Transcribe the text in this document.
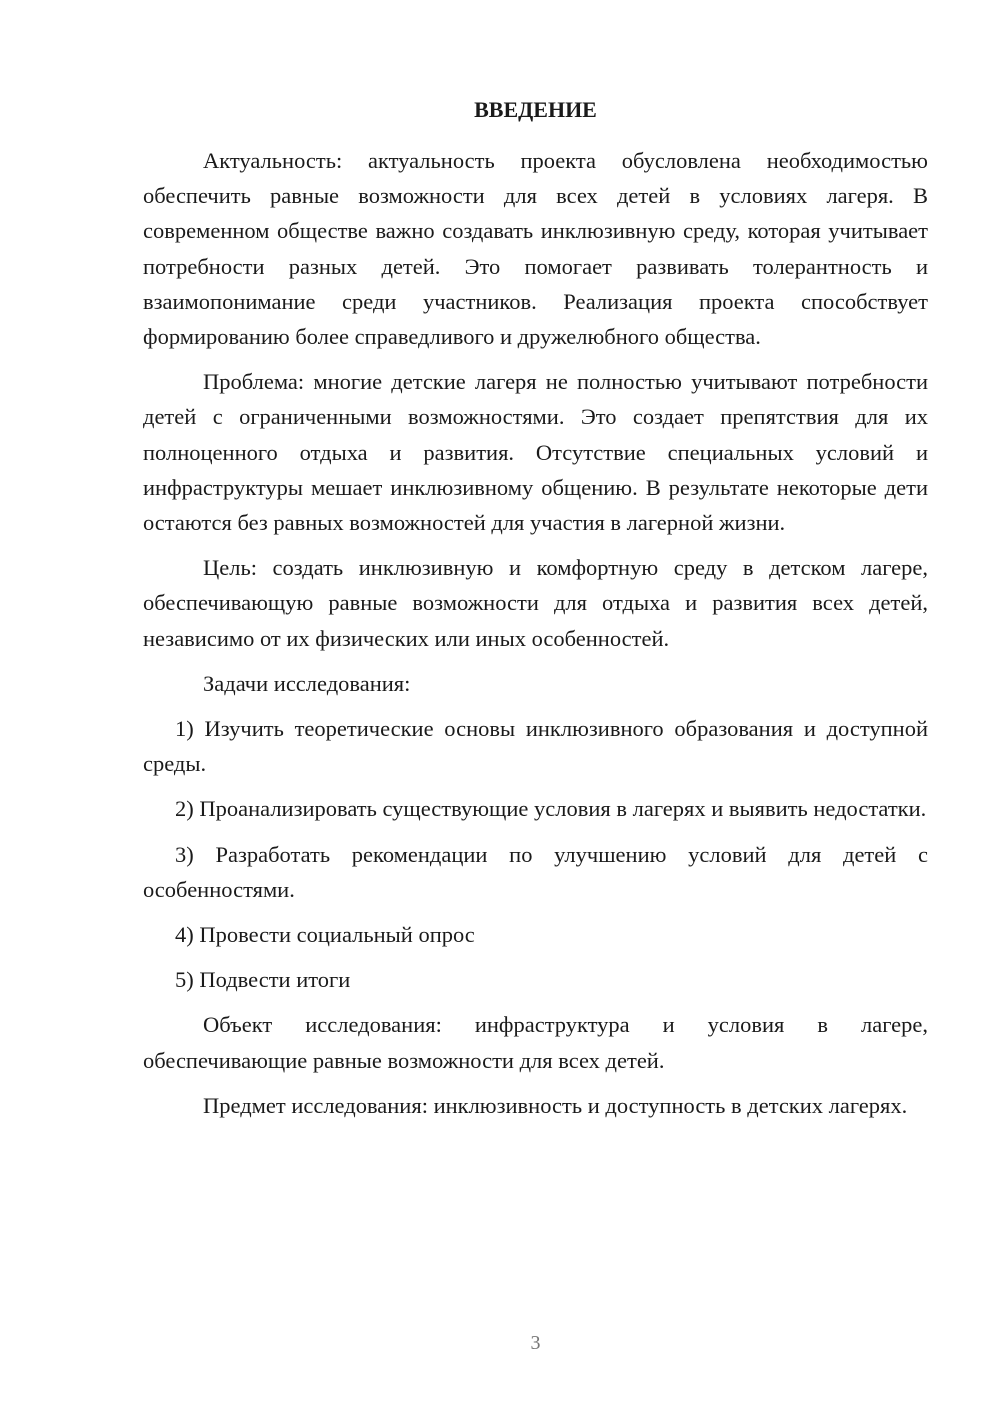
ВВЕДЕНИЕ

Актуальность: актуальность проекта обусловлена необходимостью обеспечить равные возможности для всех детей в условиях лагеря. В современном обществе важно создавать инклюзивную среду, которая учитывает потребности разных детей. Это помогает развивать толерантность и взаимопонимание среди участников. Реализация проекта способствует формированию более справедливого и дружелюбного общества.

Проблема: многие детские лагеря не полностью учитывают потребности детей с ограниченными возможностями. Это создает препятствия для их полноценного отдыха и развития. Отсутствие специальных условий и инфраструктуры мешает инклюзивному общению. В результате некоторые дети остаются без равных возможностей для участия в лагерной жизни.

Цель: создать инклюзивную и комфортную среду в детском лагере, обеспечивающую равные возможности для отдыха и развития всех детей, независимо от их физических или иных особенностей.

Задачи исследования:

1) Изучить теоретические основы инклюзивного образования и доступной среды.

2) Проанализировать существующие условия в лагерях и выявить недостатки.

3) Разработать рекомендации по улучшению условий для детей с особенностями.

4) Провести социальный опрос

5) Подвести итоги

Объект исследования: инфраструктура и условия в лагере, обеспечивающие равные возможности для всех детей.

Предмет исследования: инклюзивность и доступность в детских лагерях.

3
